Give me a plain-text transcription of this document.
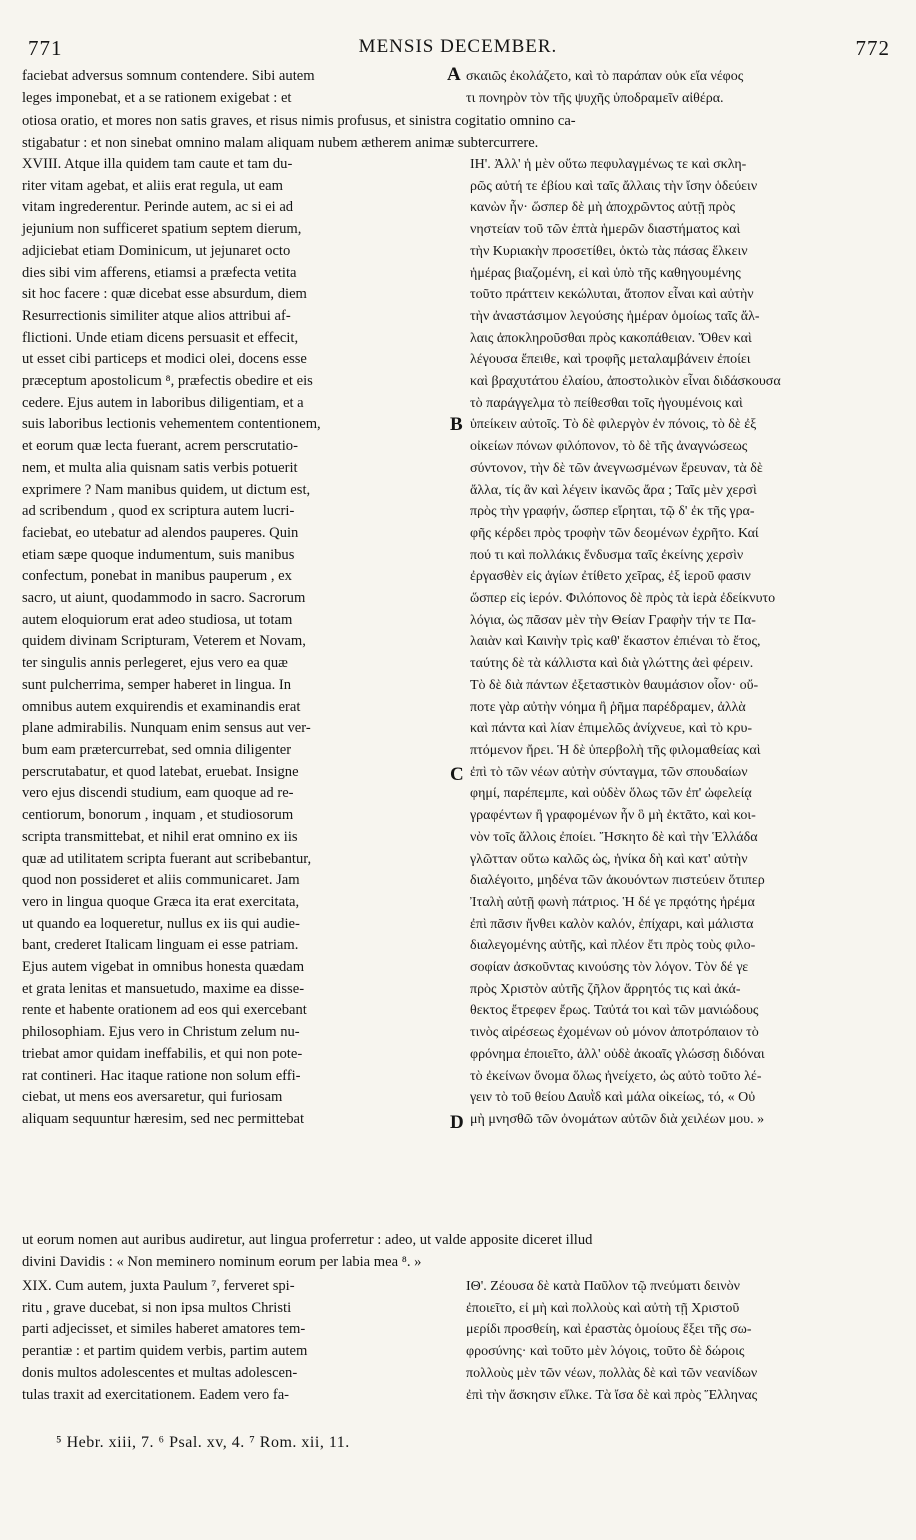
771	MENSIS DECEMBER.	772
faciebat adversus somnum contendere. Sibi autem
leges imponebat, et a se rationem exigebat : et
σκαιῶς ἐκολάζετο, καὶ τὸ παράπαν οὐκ εἴα νέφος
τι πονηρὸν τὸν τῆς ψυχῆς ὑποδραμεῖν αἰθέρα.
otiosa oratio, et mores non satis graves, et risus nimis profusus, et sinistra cogitatio omnino ca-
stigabatur : et non sinebat omnino malam aliquam nubem ætherem animæ subtercurrere.
XVIII. Atque illa quidem tam caute et tam du-
riter vitam agebat, et aliis erat regula, ut eam
vitam ingrederentur. Perinde autem, ac si ei ad
jejunium non sufficeret spatium septem dierum,
adjiciebat etiam Dominicum, ut jejunaret octo
dies sibi vim afferens, etiamsi a præfecta vetita
sit hoc facere : quæ dicebat esse absurdum, diem
Resurrectionis similiter atque alios attribui af-
flictioni. Unde etiam dicens persuasit et effecit,
ut esset cibi particeps et modici olei, docens esse
præceptum apostolicum ⁸, præfectis obedire et eis
cedere. Ejus autem in laboribus diligentiam, et a
suis laboribus lectionis vehementem contentionem,
et eorum quæ lecta fuerant, acrem perscrutatio-
nem, et multa alia quisnam satis verbis potuerit
exprimere ? Nam manibus quidem, ut dictum est,
ad scribendum , quod ex scriptura autem lucri-
faciebat, eo utebatur ad alendos pauperes. Quin
etiam sæpe quoque indumentum, suis manibus
confectum, ponebat in manibus pauperum , ex
sacro, ut aiunt, quodammodo in sacro. Sacrorum
autem eloquiorum erat adeo studiosa, ut totam
quidem divinam Scripturam, Veterem et Novam,
ter singulis annis perlegeret, ejus vero ea quæ
sunt pulcherrima, semper haberet in lingua. In
omnibus autem exquirendis et examinandis erat
plane admirabilis. Nunquam enim sensus aut ver-
bum eam prætercurrebat, sed omnia diligenter
perscrutabatur, et quod latebat, eruebat. Insigne
vero ejus discendi studium, eam quoque ad re-
centiorum, bonorum , inquam , et studiosorum
scripta transmittebat, et nihil erat omnino ex iis
quæ ad utilitatem scripta fuerant aut scribebantur,
quod non possideret et aliis communicaret. Jam
vero in lingua quoque Græca ita erat exercitata,
ut quando ea loqueretur, nullus ex iis qui audie-
bant, crederet Italicam linguam ei esse patriam.
Ejus autem vigebat in omnibus honesta quædam
et grata lenitas et mansuetudo, maxime ea disse-
rente et habente orationem ad eos qui exercebant
philosophiam. Ejus vero in Christum zelum nu-
triebat amor quidam ineffabilis, et qui non pote-
rat contineri. Hac itaque ratione non solum effi-
ciebat, ut mens eos aversaretur, qui furiosam
aliquam sequuntur hæresim, sed nec permittebat
ΙΗ'. Ἀλλ' ἡ μὲν οὕτω πεφυλαγμένως τε καὶ σκλη-
ρῶς αὐτή τε ἐβίου καὶ ταῖς ἄλλαις τὴν ἴσην ὁδεύειν
κανὼν ἦν· ὥσπερ δὲ μὴ ἀποχρῶντος αὐτῇ πρὸς
νηστείαν τοῦ τῶν ἑπτὰ ἡμερῶν διαστήματος καὶ
τὴν Κυριακὴν προσετίθει, ὀκτὼ τὰς πάσας ἕλκειν
ἡμέρας βιαζομένη, εἰ καὶ ὑπὸ τῆς καθηγουμένης
τοῦτο πράττειν κεκώλυται, ἄτοπον εἶναι καὶ αὐτὴν
τὴν ἀναστάσιμον λεγούσης ἡμέραν ὁμοίως ταῖς ἄλ-
λαις ἀποκληροῦσθαι πρὸς κακοπάθειαν. Ὅθεν καὶ
λέγουσα ἔπειθε, καὶ τροφῆς μεταλαμβάνειν ἐποίει
καὶ βραχυτάτου ἐλαίου, ἀποστολικὸν εἶναι διδάσκουσα
τὸ παράγγελμα τὸ πείθεσθαι τοῖς ἡγουμένοις καὶ
ὑπείκειν αὐτοῖς. Τὸ δὲ φιλεργὸν ἐν πόνοις, τὸ δὲ ἐξ
οἰκείων πόνων φιλόπονον, τὸ δὲ τῆς ἀναγνώσεως
σύντονον, τὴν δὲ τῶν ἀνεγνωσμένων ἔρευναν, τὰ δὲ
ἄλλα, τίς ἂν καὶ λέγειν ἱκανῶς ἄρα ; Ταῖς μὲν χερσὶ
πρὸς τὴν γραφήν, ὥσπερ εἴρηται, τῷ δ' ἐκ τῆς γρα-
φῆς κέρδει πρὸς τροφὴν τῶν δεομένων ἐχρῆτο. Καί
πού τι καὶ πολλάκις ἔνδυσμα ταῖς ἐκείνης χερσὶν
ἐργασθὲν εἰς ἁγίων ἐτίθετο χεῖρας, ἐξ ἱεροῦ φασιν
ὥσπερ εἰς ἱερόν. Φιλόπονος δὲ πρὸς τὰ ἱερὰ ἐδείκνυτο
λόγια, ὡς πᾶσαν μὲν τὴν Θείαν Γραφὴν τήν τε Πα-
λαιὰν καὶ Καινὴν τρὶς καθ' ἕκαστον ἐπιέναι τὸ ἔτος,
ταύτης δὲ τὰ κάλλιστα καὶ διὰ γλώττης ἀεὶ φέρειν.
Τὸ δὲ διὰ πάντων ἐξεταστικὸν θαυμάσιον οἷον· οὔ-
ποτε γὰρ αὐτὴν νόημα ἢ ῥῆμα παρέδραμεν, ἀλλὰ
καὶ πάντα καὶ λίαν ἐπιμελῶς ἀνίχνευε, καὶ τὸ κρυ-
πτόμενον ἤρει. Ἡ δὲ ὑπερβολὴ τῆς φιλομαθείας καὶ
ἐπὶ τὸ τῶν νέων αὐτὴν σύνταγμα, τῶν σπουδαίων
φημί, παρέπεμπε, καὶ οὐδὲν ὅλως τῶν ἐπ' ὠφελείᾳ
γραφέντων ἢ γραφομένων ἦν ὃ μὴ ἐκτᾶτο, καὶ κοι-
νὸν τοῖς ἄλλοις ἐποίει. Ἤσκητο δὲ καὶ τὴν Ἑλλάδα
γλῶτταν οὕτω καλῶς ὡς, ἡνίκα δὴ καὶ κατ' αὐτὴν
διαλέγοιτο, μηδένα τῶν ἀκουόντων πιστεύειν ὅτιπερ
Ἰταλὴ αὐτῇ φωνὴ πάτριος. Ἡ δέ γε πρᾳότης ἠρέμα
ἐπὶ πᾶσιν ἤνθει καλὸν καλόν, ἐπίχαρι, καὶ μάλιστα
διαλεγομένης αὐτῆς, καὶ πλέον ἔτι πρὸς τοὺς φιλο-
σοφίαν ἀσκοῦντας κινούσης τὸν λόγον. Τὸν δέ γε
πρὸς Χριστὸν αὐτῆς ζῆλον ἄρρητός τις καὶ ἀκά-
θεκτος ἔτρεφεν ἔρως. Ταὐτά τοι καὶ τῶν μανιώδους
τινὸς αἱρέσεως ἐχομένων οὐ μόνον ἀποτρόπαιον τὸ
φρόνημα ἐποιεῖτο, ἀλλ' οὐδὲ ἀκοαῖς γλώσσῃ διδόναι
τὸ ἐκείνων ὄνομα ὅλως ἠνείχετο, ὡς αὐτὸ τοῦτο λέ-
γειν τὸ τοῦ θείου Δαυῒδ καὶ μάλα οἰκείως, τό, « Οὐ
μὴ μνησθῶ τῶν ὀνομάτων αὐτῶν διὰ χειλέων μου. »
ut eorum nomen aut auribus audiretur, aut lingua proferretur : adeo, ut valde apposite diceret illud
divini Davidis : « Non meminero nominum eorum per labia mea ⁸. »
XIX. Cum autem, juxta Paulum ⁷, ferveret spi-
ritu , grave ducebat, si non ipsa multos Christi
parti adjecisset, et similes haberet amatores tem-
perantiæ : et partim quidem verbis, partim autem
donis multos adolescentes et multas adolescen-
tulas traxit ad exercitationem. Eadem vero fa-
ΙΘ'. Ζέουσα δὲ κατὰ Παῦλον τῷ πνεύματι δεινὸν
ἐποιεῖτο, εἰ μὴ καὶ πολλοὺς καὶ αὐτὴ τῇ Χριστοῦ
μερίδι προσθείη, καὶ ἐραστὰς ὁμοίους ἕξει τῆς σω-
φροσύνης· καὶ τοῦτο μὲν λόγοις, τοῦτο δὲ δώροις
πολλοὺς μὲν τῶν νέων, πολλὰς δὲ καὶ τῶν νεανίδων
ἐπὶ τὴν ἄσκησιν εἵλκε. Τὰ ἴσα δὲ καὶ πρὸς Ἕλληνας
A
B
C
D
⁵ Hebr. xiii, 7. ⁶ Psal. xv, 4. ⁷ Rom. xii, 11.
